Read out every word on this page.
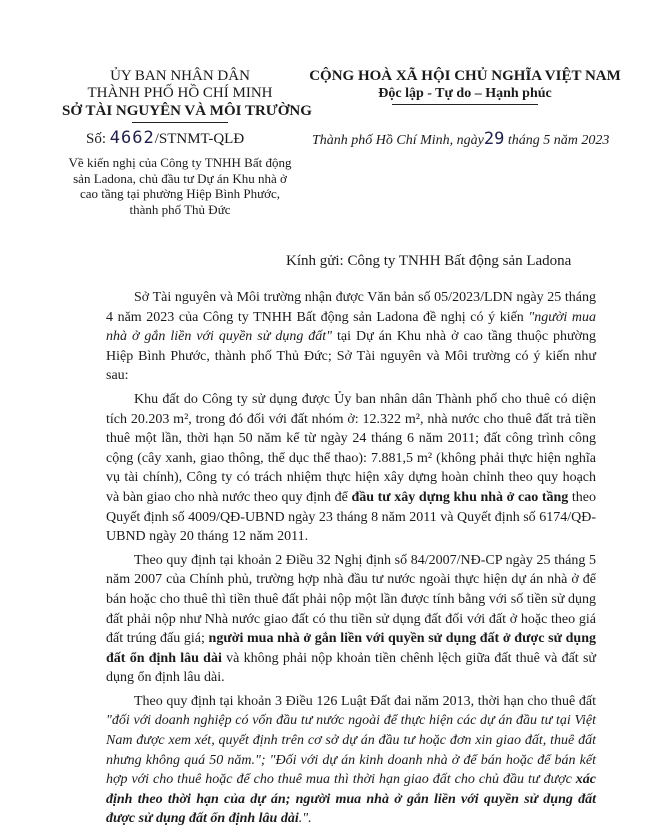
ỦY BAN NHÂN DÂN
THÀNH PHỐ HỒ CHÍ MINH
SỞ TÀI NGUYÊN VÀ MÔI TRƯỜNG
CỘNG HOÀ XÃ HỘI CHỦ NGHĨA VIỆT NAM
Độc lập - Tự do – Hạnh phúc
Số: 4662/STNMT-QLĐ	Thành phố Hồ Chí Minh, ngày29 tháng 5 năm 2023
Về kiến nghị của Công ty TNHH Bất động
sản Ladona, chủ đầu tư Dự án Khu nhà ở
cao tầng tại phường Hiệp Bình Phước,
thành phố Thủ Đức
Kính gửi: Công ty TNHH Bất động sản Ladona

Sở Tài nguyên và Môi trường nhận được Văn bản số 05/2023/LDN ngày 25 tháng 4 năm 2023 của Công ty TNHH Bất động sản Ladona đề nghị có ý kiến "người mua nhà ở gắn liền với quyền sử dụng đất" tại Dự án Khu nhà ở cao tầng thuộc phường Hiệp Bình Phước, thành phố Thủ Đức; Sở Tài nguyên và Môi trường có ý kiến như sau:

Khu đất do Công ty sử dụng được Ủy ban nhân dân Thành phố cho thuê có diện tích 20.203 m², trong đó đối với đất nhóm ở: 12.322 m², nhà nước cho thuê đất trả tiền thuê một lần, thời hạn 50 năm kể từ ngày 24 tháng 6 năm 2011; đất công trình công cộng (cây xanh, giao thông, thể dục thể thao): 7.881,5 m² (không phải thực hiện nghĩa vụ tài chính), Công ty có trách nhiệm thực hiện xây dựng hoàn chỉnh theo quy hoạch và bàn giao cho nhà nước theo quy định để đầu tư xây dựng khu nhà ở cao tầng theo Quyết định số 4009/QĐ-UBND ngày 23 tháng 8 năm 2011 và Quyết định số 6174/QĐ-UBND ngày 20 tháng 12 năm 2011.

Theo quy định tại khoản 2 Điều 32 Nghị định số 84/2007/NĐ-CP ngày 25 tháng 5 năm 2007 của Chính phủ, trường hợp nhà đầu tư nước ngoài thực hiện dự án nhà ở để bán hoặc cho thuê thì tiền thuê đất phải nộp một lần được tính bằng với số tiền sử dụng đất phải nộp như Nhà nước giao đất có thu tiền sử dụng đất đối với đất ở hoặc theo giá đất trúng đấu giá; người mua nhà ở gắn liền với quyền sử dụng đất ở được sử dụng đất ổn định lâu dài và không phải nộp khoản tiền chênh lệch giữa đất thuê và đất sử dụng ổn định lâu dài.

Theo quy định tại khoản 3 Điều 126 Luật Đất đai năm 2013, thời hạn cho thuê đất "đối với doanh nghiệp có vốn đầu tư nước ngoài để thực hiện các dự án đầu tư tại Việt Nam được xem xét, quyết định trên cơ sở dự án đầu tư hoặc đơn xin giao đất, thuê đất nhưng không quá 50 năm."; "Đối với dự án kinh doanh nhà ở để bán hoặc để bán kết hợp với cho thuê hoặc để cho thuê mua thì thời hạn giao đất cho chủ đầu tư được xác định theo thời hạn của dự án; người mua nhà ở gắn liền với quyền sử dụng đất được sử dụng đất ổn định lâu dài.".
